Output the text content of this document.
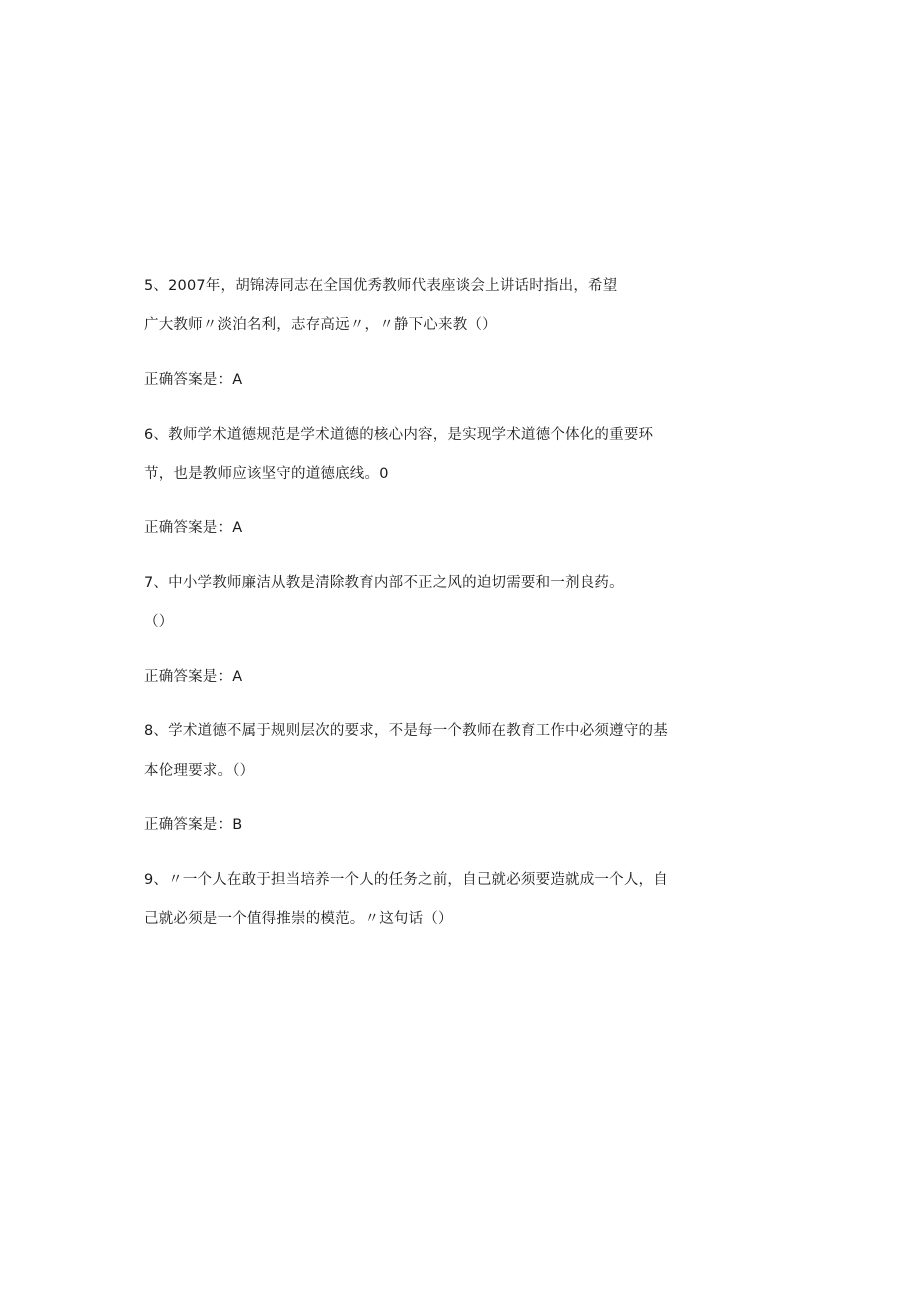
5、2007年，胡锦涛同志在全国优秀教师代表座谈会上讲话时指出，希望
广大教师〃淡泊名利，志存高远〃，〃静下心来教（）
正确答案是：A
6、教师学术道德规范是学术道德的核心内容，是实现学术道德个体化的重要环
节，也是教师应该坚守的道德底线。0
正确答案是：A
7、中小学教师廉洁从教是清除教育内部不正之风的迫切需要和一剂良药。
（）
正确答案是：A
8、学术道德不属于规则层次的要求，不是每一个教师在教育工作中必须遵守的基
本伦理要求。（）
正确答案是：B
9、〃一个人在敢于担当培养一个人的任务之前，自己就必须要造就成一个人，自
己就必须是一个值得推崇的模范。〃这句话（）
